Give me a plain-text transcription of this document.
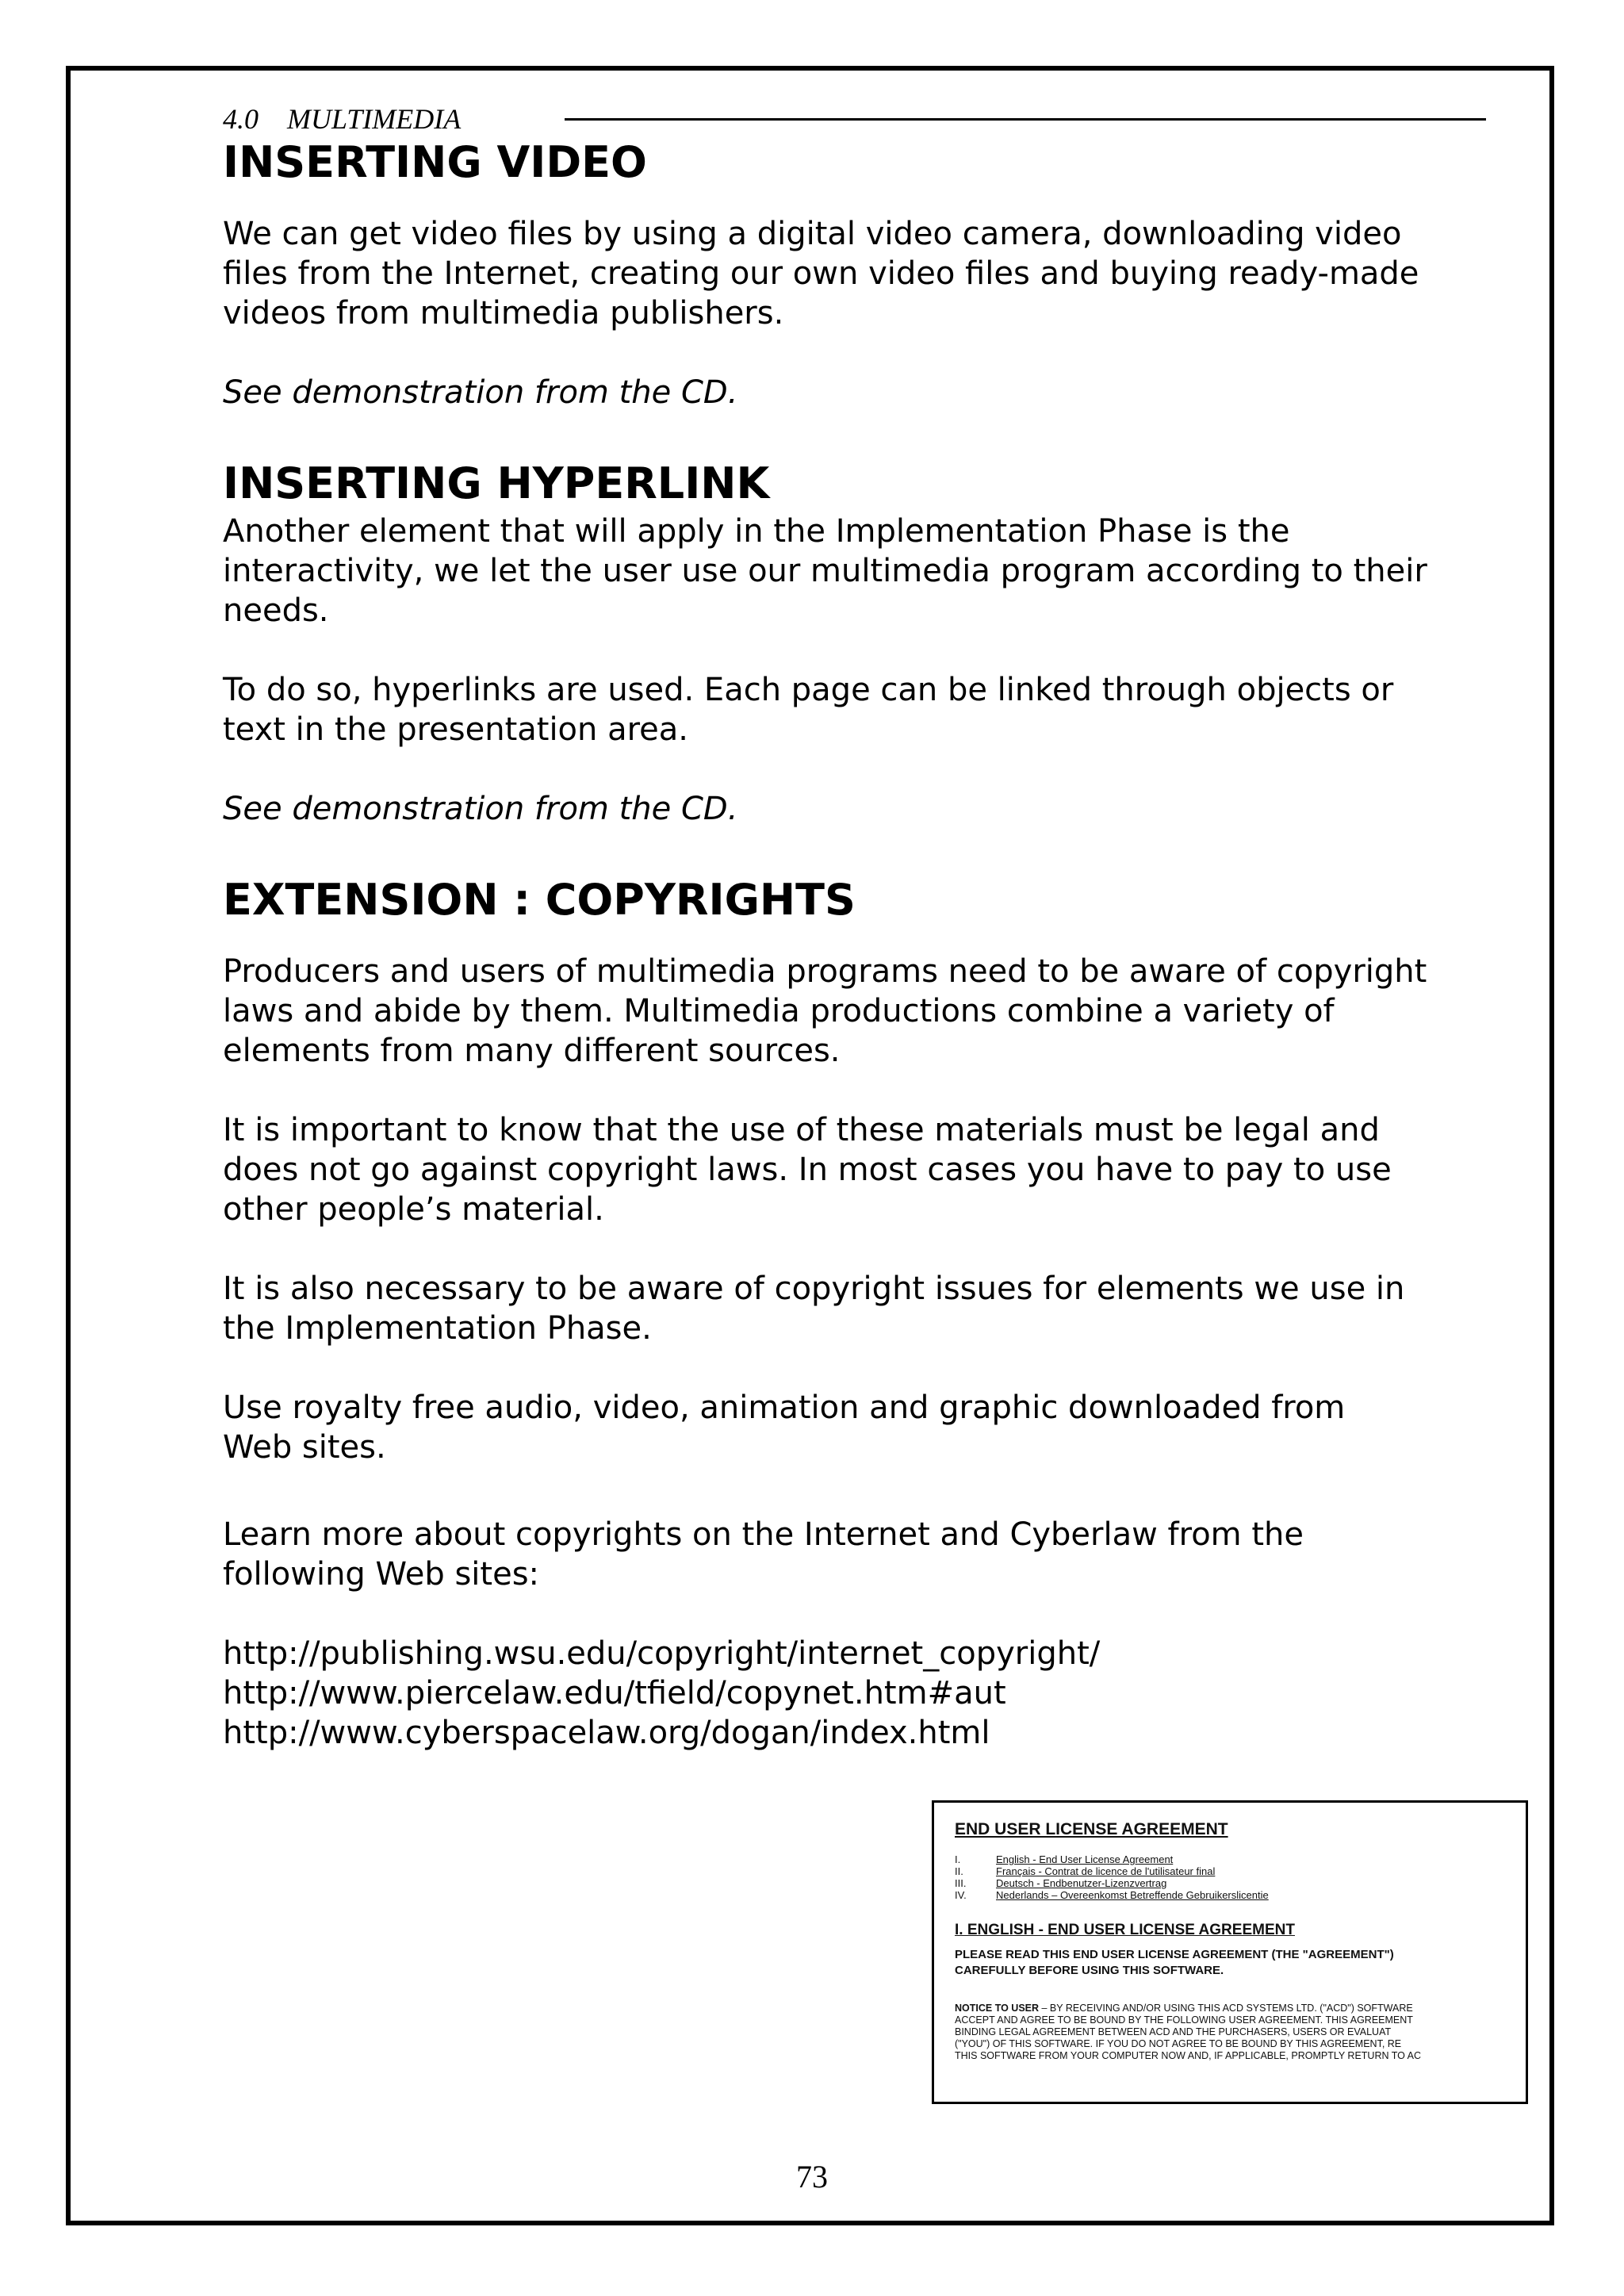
4.0    MULTIMEDIA
INSERTING VIDEO

We can get video files by using a digital video camera, downloading video
files from the Internet, creating our own video files and buying ready-made
videos from multimedia publishers.

See demonstration from the CD.

INSERTING HYPERLINK

Another element that will apply in the Implementation Phase is the
interactivity, we let the user use our multimedia program according to their
needs.

To do so, hyperlinks are used. Each page can be linked through objects or
text in the presentation area.

See demonstration from the CD.

EXTENSION : COPYRIGHTS

Producers and users of multimedia programs need to be aware of copyright
laws and abide by them. Multimedia productions combine a variety of
elements from many different sources.

It is important to know that the use of these materials must be legal and
does not go against copyright laws. In most cases you have to pay to use
other people’s material.

It is also necessary to be aware of copyright issues for elements we use in
the Implementation Phase.

Use royalty free audio, video, animation and graphic downloaded from
Web sites.

Learn more about copyrights on the Internet and Cyberlaw from the
following Web sites:

http://publishing.wsu.edu/copyright/internet_copyright/
http://www.piercelaw.edu/tfield/copynet.htm#aut
http://www.cyberspacelaw.org/dogan/index.html
END USER LICENSE AGREEMENT
I.	English - End User License Agreement
II.	Français - Contrat de licence de l'utilisateur final
III.	Deutsch - Endbenutzer-Lizenzvertrag
IV.	Nederlands – Overeenkomst Betreffende Gebruikerslicentie
I. ENGLISH - END USER LICENSE AGREEMENT

PLEASE READ THIS END USER LICENSE AGREEMENT (THE "AGREEMENT")
CAREFULLY BEFORE USING THIS SOFTWARE.

NOTICE TO USER – BY RECEIVING AND/OR USING THIS ACD SYSTEMS LTD. ("ACD") SOFTWARE
ACCEPT AND AGREE TO BE BOUND BY THE FOLLOWING USER AGREEMENT. THIS AGREEMENT
BINDING LEGAL AGREEMENT BETWEEN ACD AND THE PURCHASERS, USERS OR EVALUAT
("YOU") OF THIS SOFTWARE. IF YOU DO NOT AGREE TO BE BOUND BY THIS AGREEMENT, RE
THIS SOFTWARE FROM YOUR COMPUTER NOW AND, IF APPLICABLE, PROMPTLY RETURN TO AC

73
